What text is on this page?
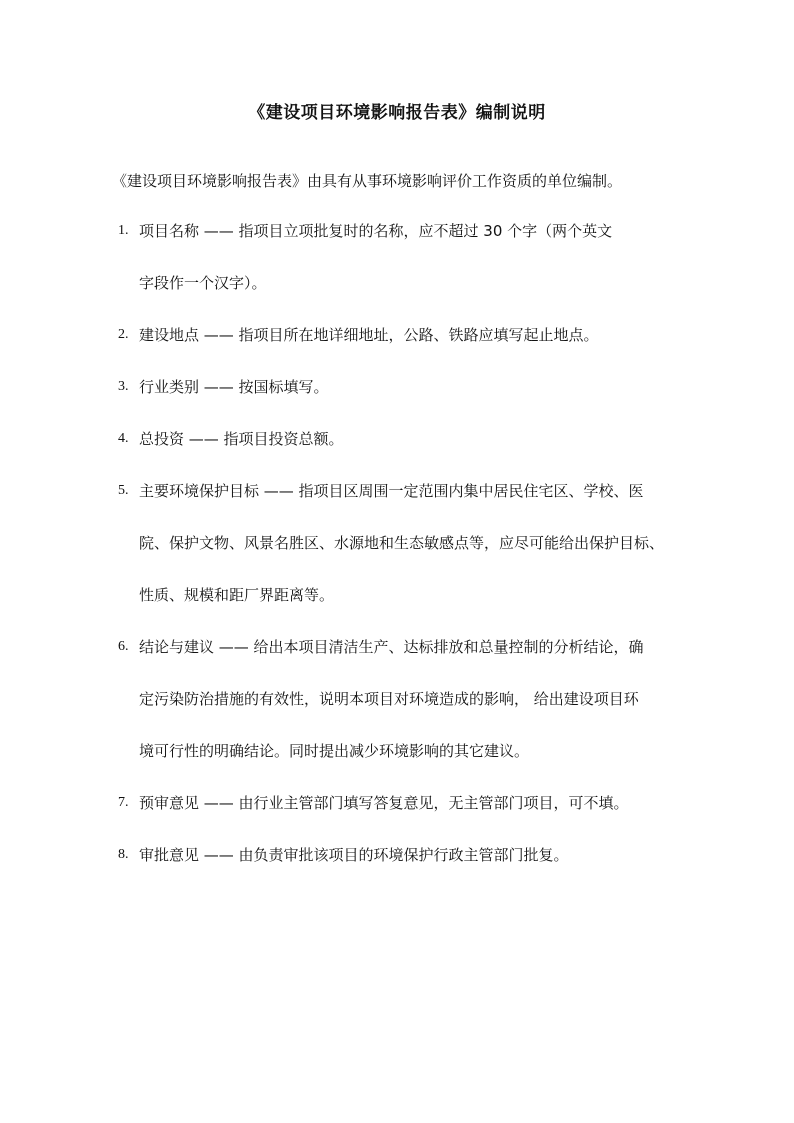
《建设项目环境影响报告表》编制说明
《建设项目环境影响报告表》由具有从事环境影响评价工作资质的单位编制。
1. 项目名称 —— 指项目立项批复时的名称，应不超过 30 个字（两个英文
字段作一个汉字）。
2. 建设地点 —— 指项目所在地详细地址，公路、铁路应填写起止地点。
3. 行业类别 —— 按国标填写。
4. 总投资 —— 指项目投资总额。
5. 主要环境保护目标 —— 指项目区周围一定范围内集中居民住宅区、学校、医
院、保护文物、风景名胜区、水源地和生态敏感点等，应尽可能给出保护目标、
性质、规模和距厂界距离等。
6. 结论与建议 —— 给出本项目清洁生产、达标排放和总量控制的分析结论，确
定污染防治措施的有效性，说明本项目对环境造成的影响， 给出建设项目环
境可行性的明确结论。同时提出减少环境影响的其它建议。
7. 预审意见 —— 由行业主管部门填写答复意见，无主管部门项目，可不填。
8. 审批意见 —— 由负责审批该项目的环境保护行政主管部门批复。
